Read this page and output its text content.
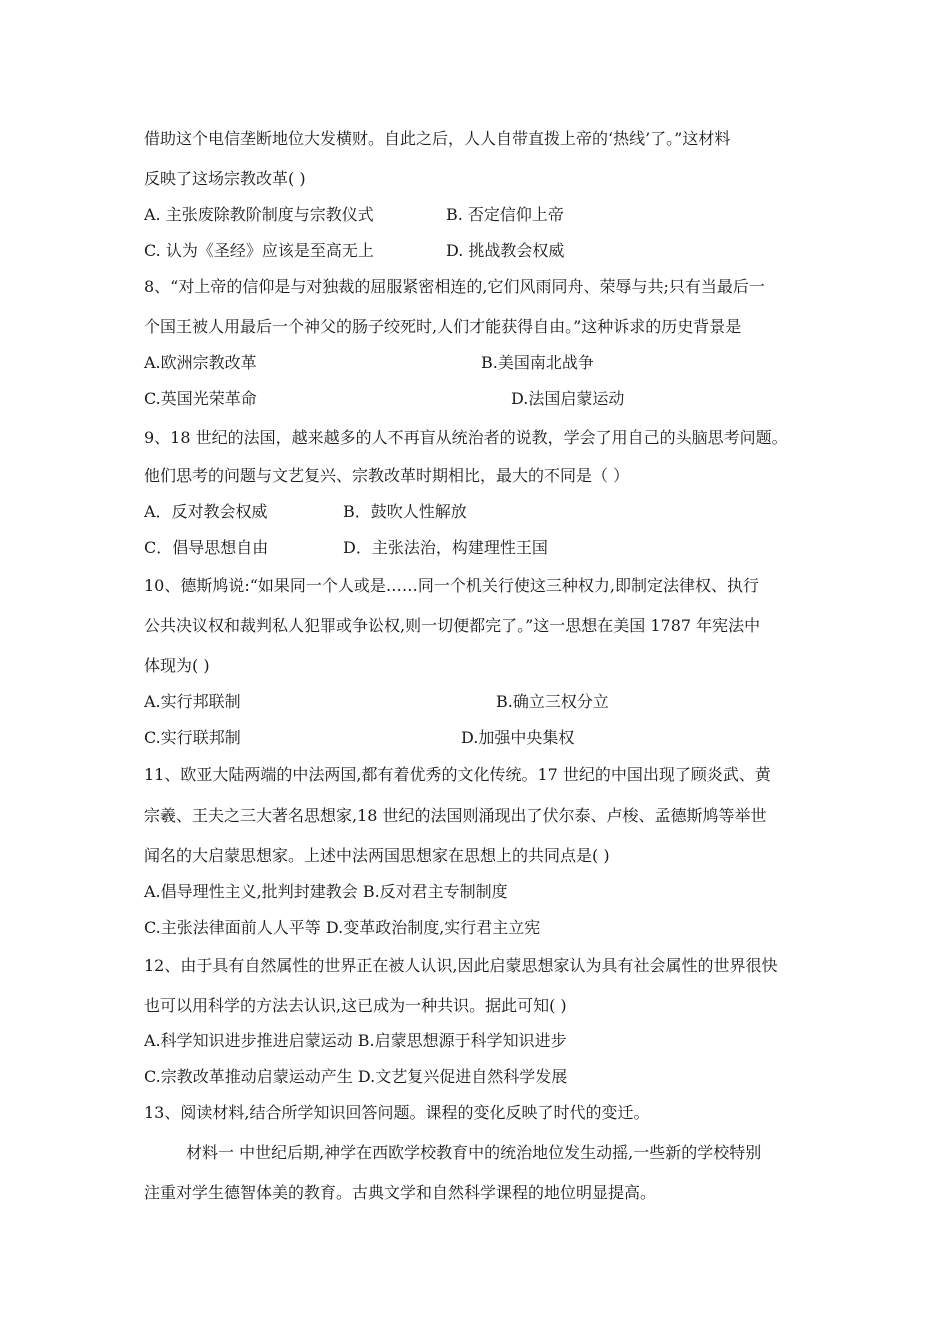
借助这个电信垄断地位大发横财。自此之后，人人自带直拨上帝的‘热线’了。”这材料
反映了这场宗教改革( )
A. 主张废除教阶制度与宗教仪式	B. 否定信仰上帝
C. 认为《圣经》应该是至高无上	D. 挑战教会权威
8、“对上帝的信仰是与对独裁的屈服紧密相连的,它们风雨同舟、荣辱与共;只有当最后一
个国王被人用最后一个神父的肠子绞死时,人们才能获得自由。”这种诉求的历史背景是
A.欧洲宗教改革	B.美国南北战争
C.英国光荣革命	D.法国启蒙运动
9、18 世纪的法国，越来越多的人不再盲从统治者的说教，学会了用自己的头脑思考问题。
他们思考的问题与文艺复兴、宗教改革时期相比，最大的不同是（ ）
A．反对教会权威	B．鼓吹人性解放
C．倡导思想自由	D．主张法治，构建理性王国
10、德斯鸠说:“如果同一个人或是……同一个机关行使这三种权力,即制定法律权、执行
公共决议权和裁判私人犯罪或争讼权,则一切便都完了。”这一思想在美国 1787 年宪法中
体现为( )
A.实行邦联制	B.确立三权分立
C.实行联邦制	D.加强中央集权
11、欧亚大陆两端的中法两国,都有着优秀的文化传统。17 世纪的中国出现了顾炎武、黄
宗羲、王夫之三大著名思想家,18 世纪的法国则涌现出了伏尔泰、卢梭、孟德斯鸠等举世
闻名的大启蒙思想家。上述中法两国思想家在思想上的共同点是( )
A.倡导理性主义,批判封建教会 B.反对君主专制制度
C.主张法律面前人人平等 D.变革政治制度,实行君主立宪
12、由于具有自然属性的世界正在被人认识,因此启蒙思想家认为具有社会属性的世界很快
也可以用科学的方法去认识,这已成为一种共识。据此可知( )
A.科学知识进步推进启蒙运动 B.启蒙思想源于科学知识进步
C.宗教改革推动启蒙运动产生 D.文艺复兴促进自然科学发展
13、阅读材料,结合所学知识回答问题。课程的变化反映了时代的变迁。
材料一 中世纪后期,神学在西欧学校教育中的统治地位发生动摇,一些新的学校特别
注重对学生德智体美的教育。古典文学和自然科学课程的地位明显提高。
